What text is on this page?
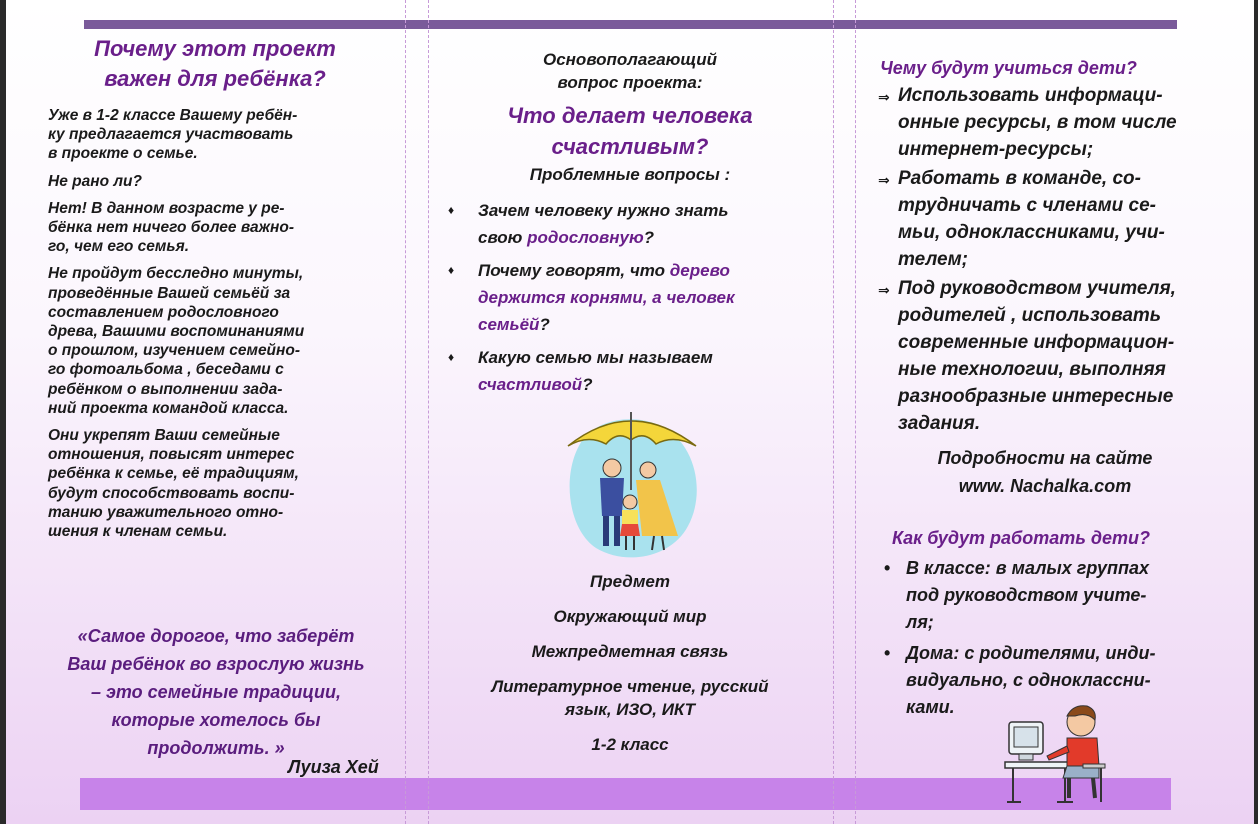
Почему этот проект
важен для ребёнка?

Уже в 1-2 классе Вашему ребён-
ку предлагается участвовать
в проекте о семье.

Не рано ли?

Нет! В данном возрасте у ре-
бёнка нет ничего более важно-
го, чем его семья.

Не пройдут бесследно минуты,
проведённые Вашей семьёй за
составлением родословного
древа, Вашими воспоминаниями
о прошлом, изучением семейно-
го фотоальбома , беседами с
ребёнком о выполнении зада-
ний проекта командой класса.

Они укрепят Ваши семейные
отношения, повысят интерес
ребёнка к семье, её традициям,
будут способствовать воспи-
танию уважительного отно-
шения к членам семьи.

«Самое дорогое, что заберёт
Ваш ребёнок во взрослую жизнь
– это семейные традиции,
которые хотелось бы
продолжить. »
Луиза Хей
Основополагающий
вопрос проекта:
Что делает человека
счастливым?
Проблемные вопросы :
♦ Зачем человеку нужно знать
свою родословную?
♦ Почему говорят, что дерево
держится корнями, а человек
семьёй?
♦ Какую семью мы называем
счастливой?
Предмет
Окружающий мир
Межпредметная связь
Литературное чтение, русский
язык, ИЗО, ИКТ
1-2 класс
Чему будут учиться дети?
⇒ Использовать информаци-
онные ресурсы, в том числе
интернет-ресурсы;
⇒ Работать в команде, со-
трудничать с членами се-
мьи, одноклассниками, учи-
телем;
⇒ Под руководством учителя,
родителей , использовать
современные информацион-
ные технологии, выполняя
разнообразные интересные
задания.
Подробности на сайте
www. Nachalka.com
Как будут работать дети?
• В классе: в малых группах
под руководством учите-
ля;
• Дома: с родителями, инди-
видуально, с одноклассни-
ками.
